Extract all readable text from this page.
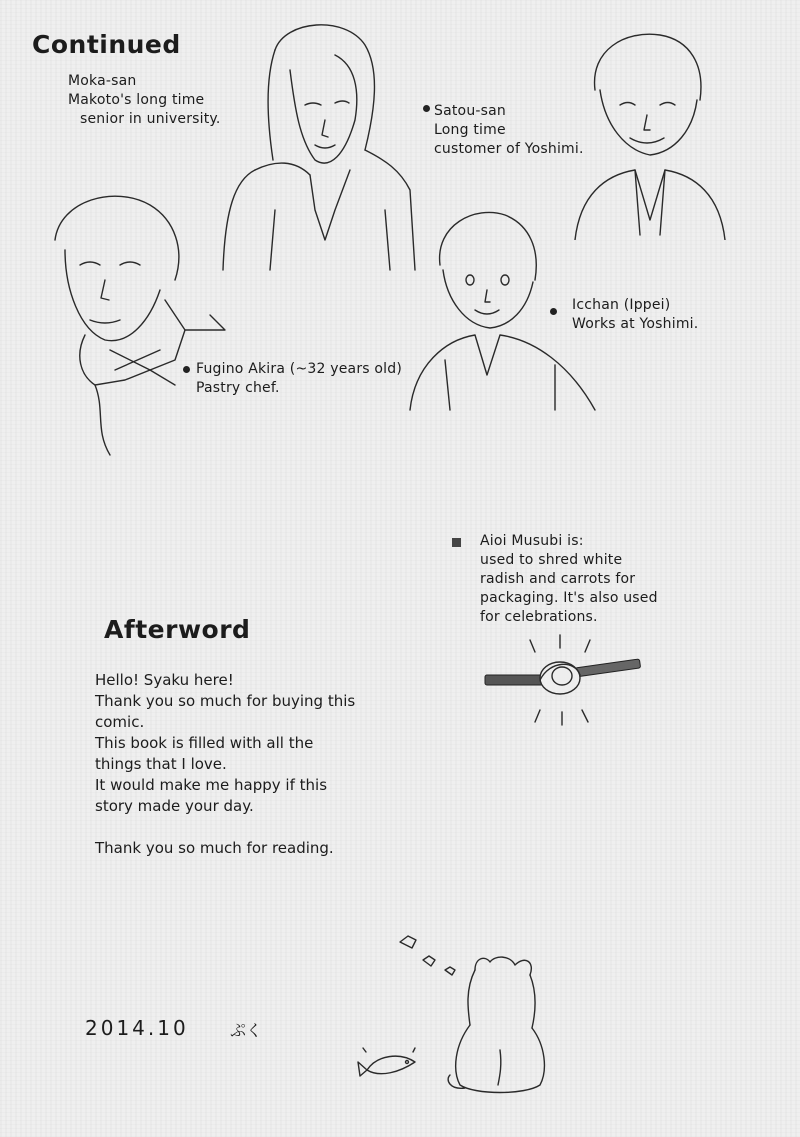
Continued
Moka-san
Makoto's long time
senior in university.	Satou-san
Long time
customer of Yoshimi.
Fugino Akira (~32 years old)
Pastry chef.
Icchan (Ippei)
Works at Yoshimi.
Aioi Musubi is:
used to shred white
radish and carrots for
packaging. It's also used
for celebrations.
Afterword
Hello! Syaku here!
Thank you so much for buying this
comic.
This book is filled with all the
things that I love.
It would make me happy if this
story made your day.

Thank you so much for reading.
2014.10	ぷく
